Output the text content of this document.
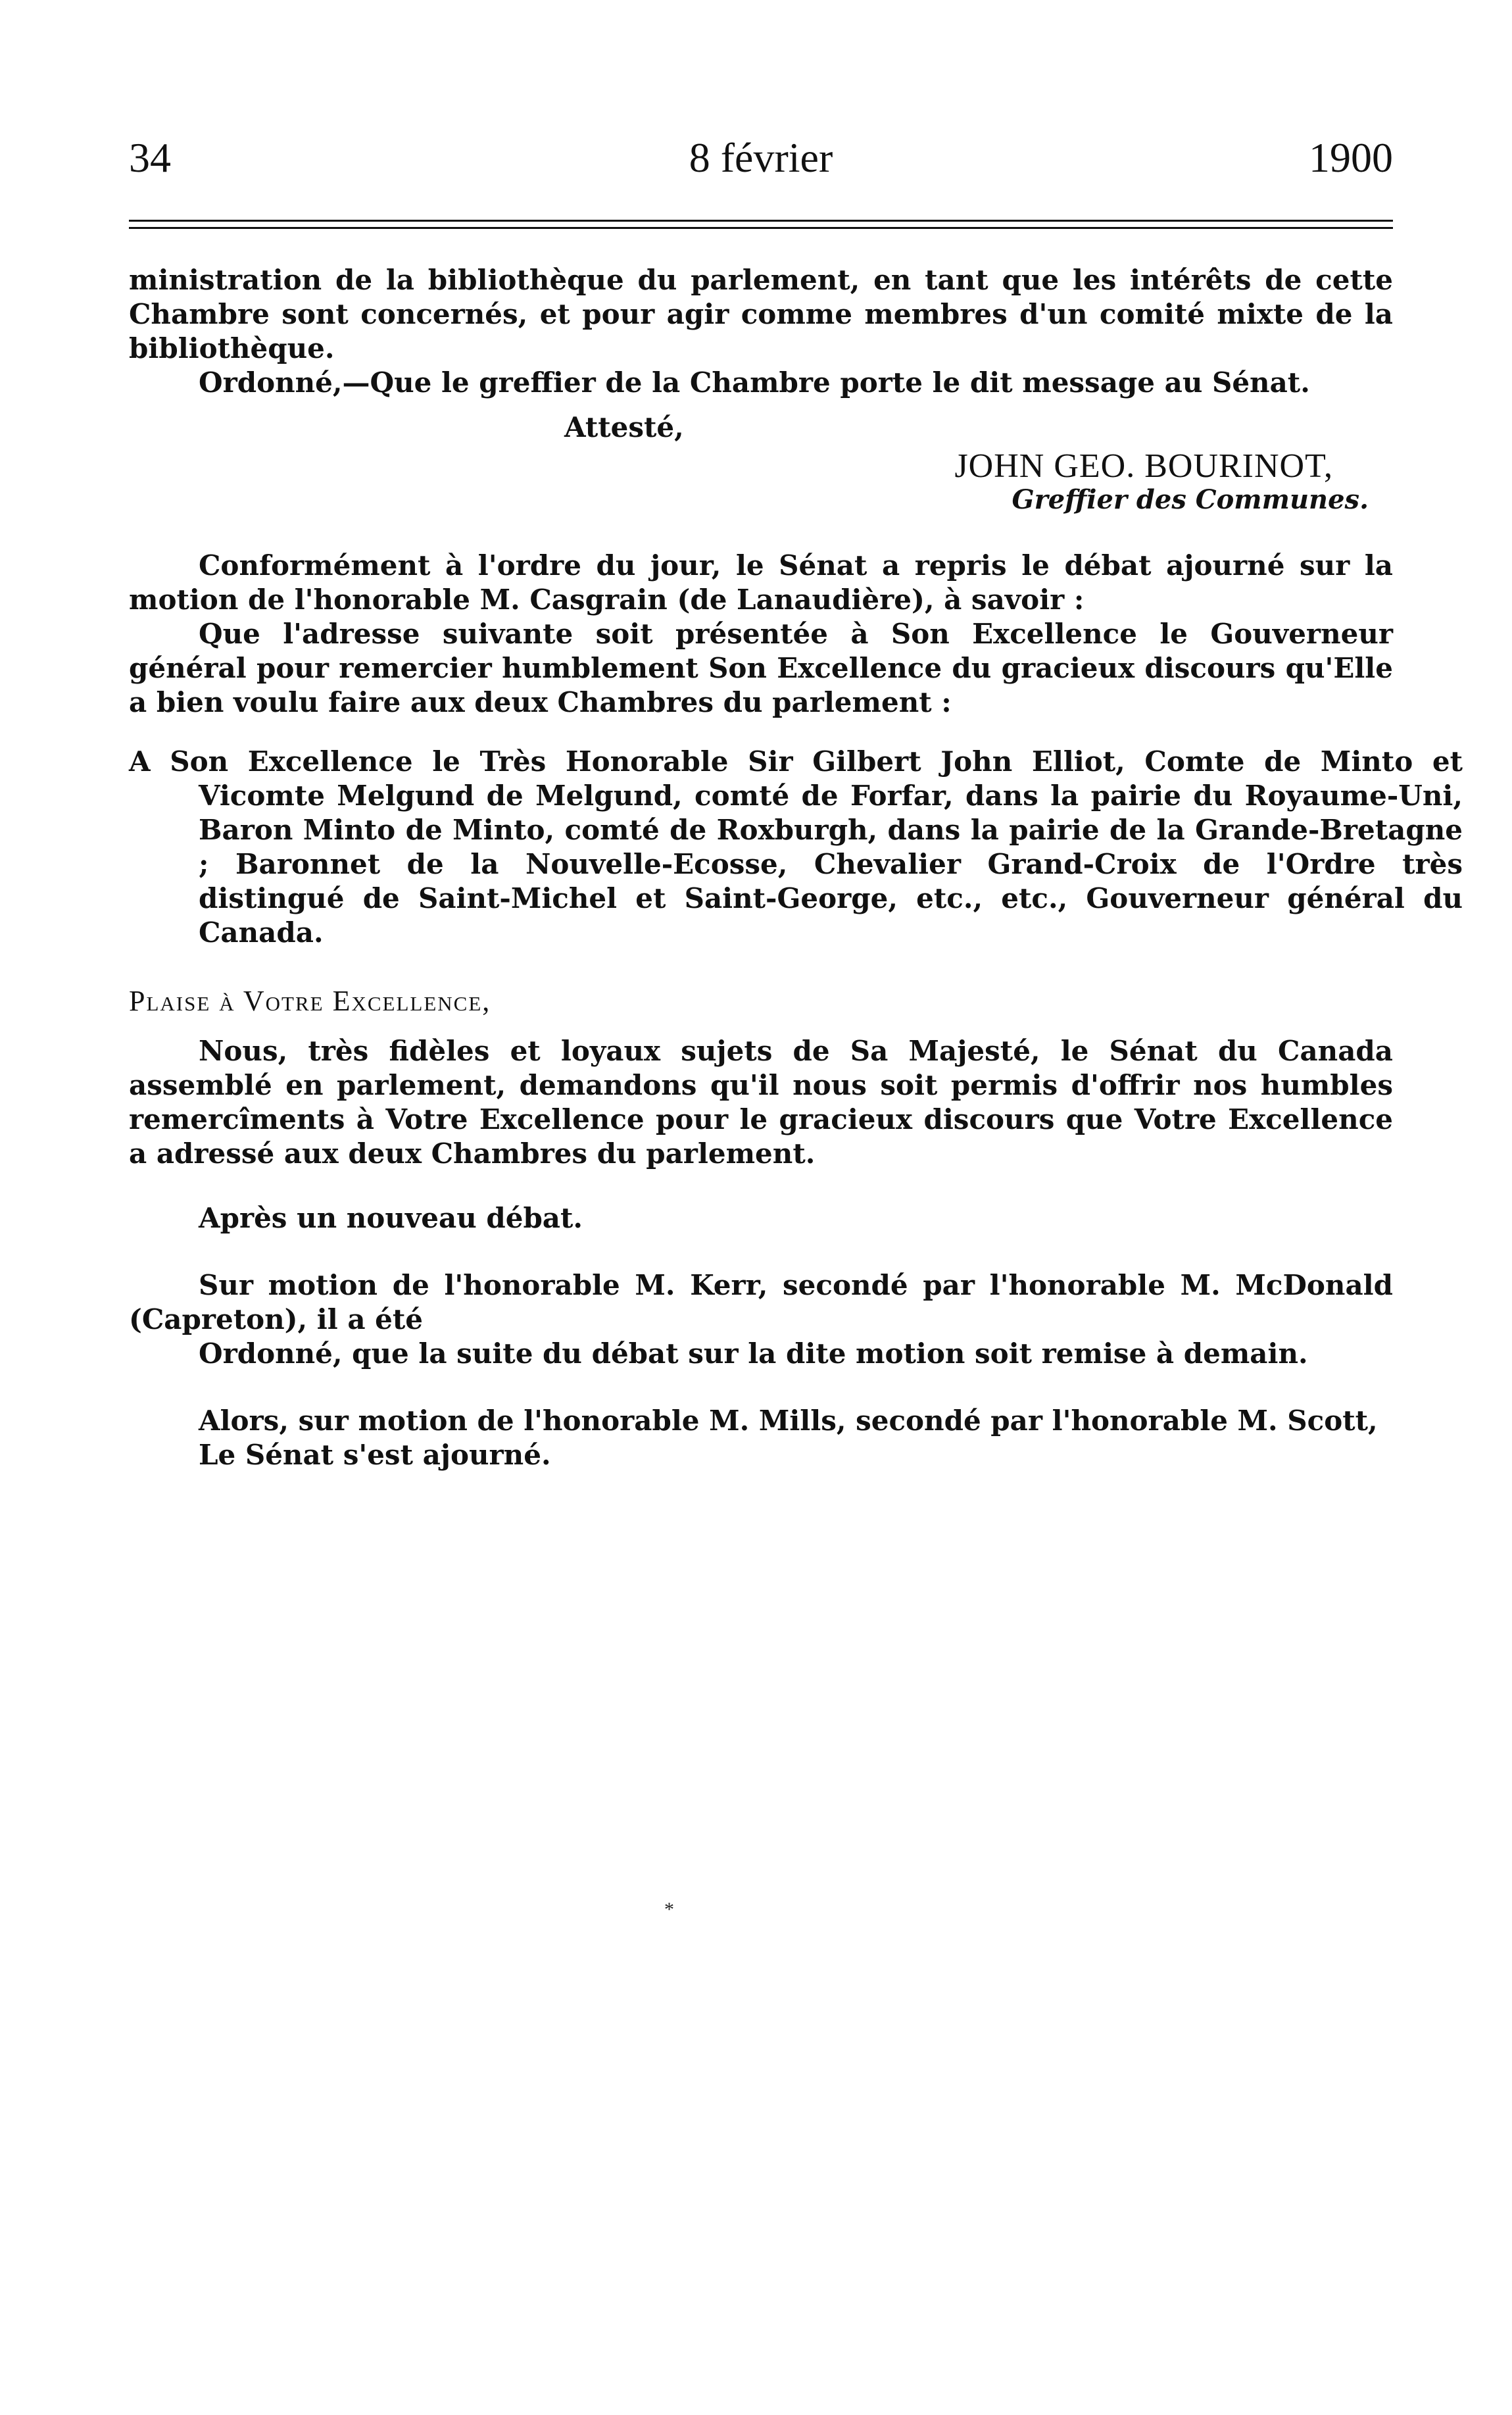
34	8 février	1900

ministration de la bibliothèque du parlement, en tant que les intérêts de cette Chambre sont concernés, et pour agir comme membres d'un comité mixte de la bibliothèque.

Ordonné,—Que le greffier de la Chambre porte le dit message au Sénat.

Attesté,

JOHN GEO. BOURINOT,

Greffier des Communes.

Conformément à l'ordre du jour, le Sénat a repris le débat ajourné sur la motion de l'honorable M. Casgrain (de Lanaudière), à savoir :
Que l'adresse suivante soit présentée à Son Excellence le Gouverneur général pour remercier humblement Son Excellence du gracieux discours qu'Elle a bien voulu faire aux deux Chambres du parlement :

A Son Excellence le Très Honorable Sir Gilbert John Elliot, Comte de Minto et Vicomte Melgund de Melgund, comté de Forfar, dans la pairie du Royaume-Uni, Baron Minto de Minto, comté de Roxburgh, dans la pairie de la Grande-Bretagne ; Baronnet de la Nouvelle-Ecosse, Chevalier Grand-Croix de l'Ordre très distingué de Saint-Michel et Saint-George, etc., etc., Gouverneur général du Canada.

Plaise à Votre Excellence,

Nous, très fidèles et loyaux sujets de Sa Majesté, le Sénat du Canada assemblé en parlement, demandons qu'il nous soit permis d'offrir nos humbles remercîments à Votre Excellence pour le gracieux discours que Votre Excellence a adressé aux deux Chambres du parlement.

Après un nouveau débat.

Sur motion de l'honorable M. Kerr, secondé par l'honorable M. McDonald (Capreton), il a été
Ordonné, que la suite du débat sur la dite motion soit remise à demain.
Alors, sur motion de l'honorable M. Mills, secondé par l'honorable M. Scott,
Le Sénat s'est ajourné.
*
